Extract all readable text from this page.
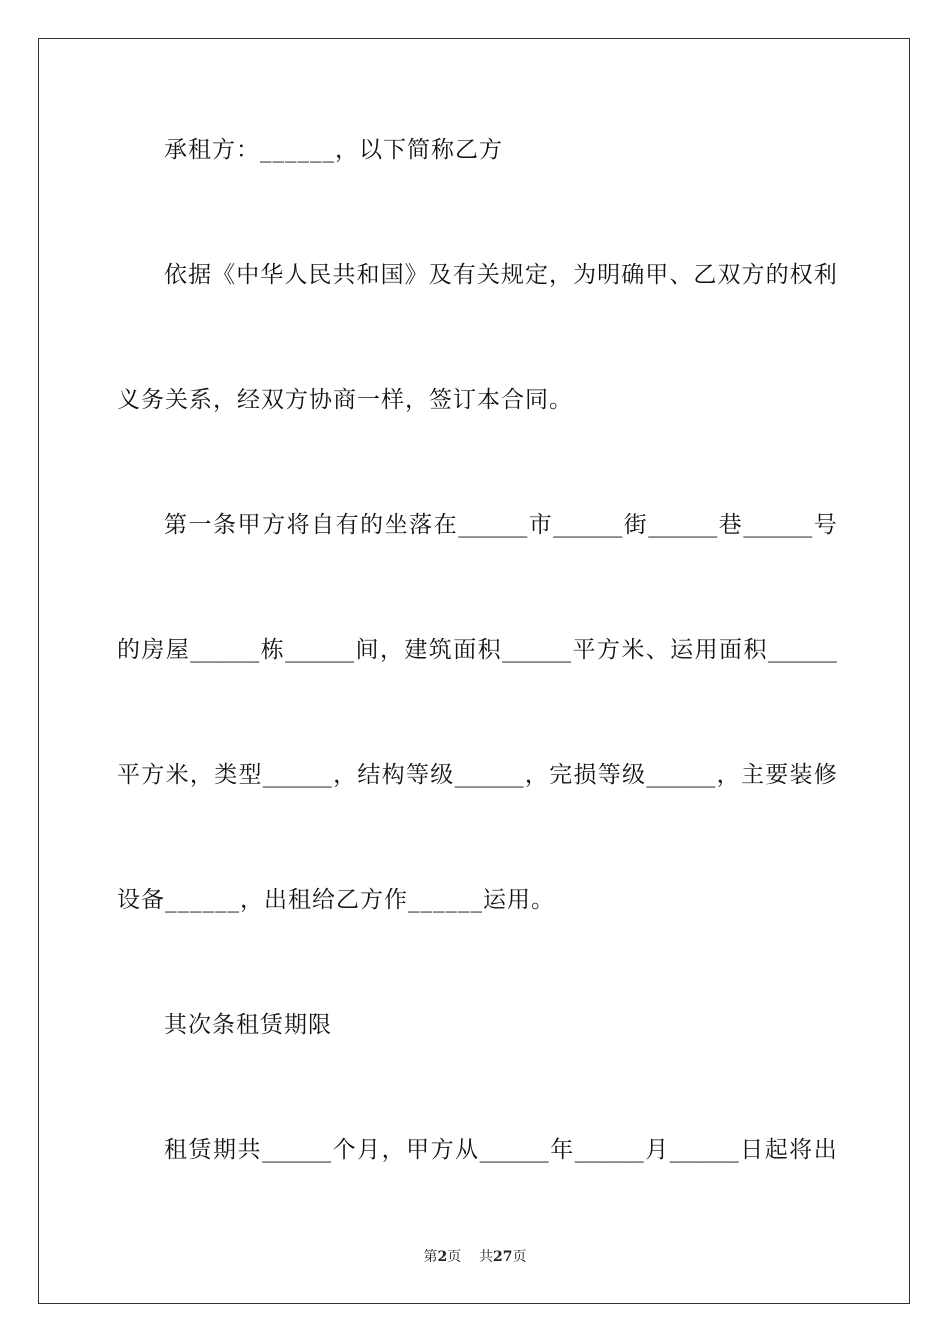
承租方：______，以下简称乙方
依 据 《 中 华 人 民 共 和 国 》 及 有 关 规 定 ， 为 明 确 甲 、 乙 双 方 的 权 利
义务关系，经双方协商一样，签订本合同。
第 一 条 甲 方 将 自 有 的 坐 落 在 ______ 市 ______ 街 ______ 巷 ______ 号
的 房 屋 ______ 栋 ______ 间 ， 建 筑 面 积 ______ 平 方 米 、 运 用 面 积 ______
平 方 米 ， 类 型 ______ ， 结 构 等 级 ______ ， 完 损 等 级 ______ ， 主 要 装 修
设备______，出租给乙方作______运用。
其次条租赁期限
租 赁 期 共 ______ 个 月 ， 甲 方 从 ______ 年 ______ 月 ______ 日 起 将 出
第2页 共27页
